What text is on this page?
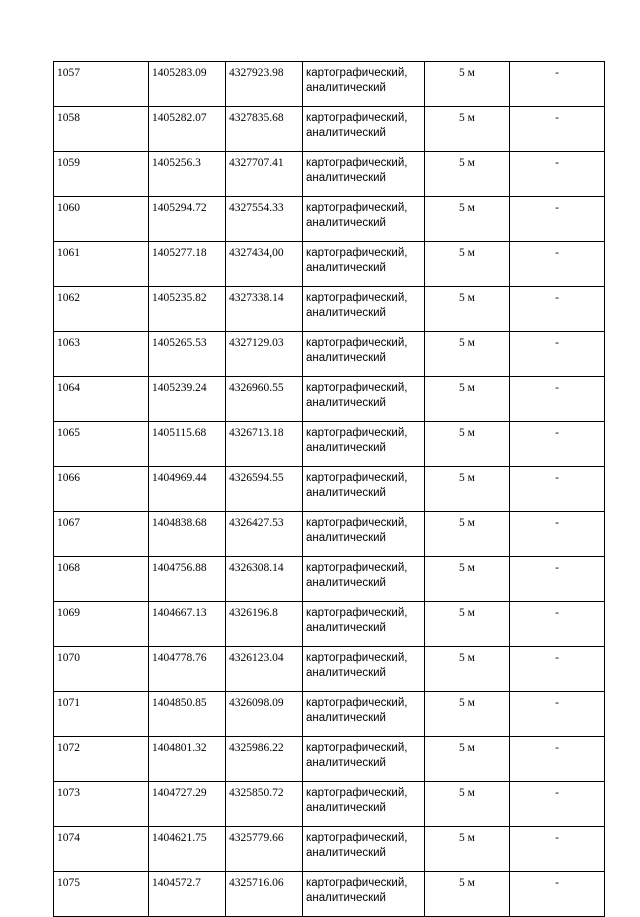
1057	1405283.09	4327923.98	картографический,
аналитический	5 м	-
1058	1405282.07	4327835.68	картографический,
аналитический	5 м	-
1059	1405256.3	4327707.41	картографический,
аналитический	5 м	-
1060	1405294.72	4327554.33	картографический,
аналитический	5 м	-
1061	1405277.18	4327434,00	картографический,
аналитический	5 м	-
1062	1405235.82	4327338.14	картографический,
аналитический	5 м	-
1063	1405265.53	4327129.03	картографический,
аналитический	5 м	-
1064	1405239.24	4326960.55	картографический,
аналитический	5 м	-
1065	1405115.68	4326713.18	картографический,
аналитический	5 м	-
1066	1404969.44	4326594.55	картографический,
аналитический	5 м	-
1067	1404838.68	4326427.53	картографический,
аналитический	5 м	-
1068	1404756.88	4326308.14	картографический,
аналитический	5 м	-
1069	1404667.13	4326196.8	картографический,
аналитический	5 м	-
1070	1404778.76	4326123.04	картографический,
аналитический	5 м	-
1071	1404850.85	4326098.09	картографический,
аналитический	5 м	-
1072	1404801.32	4325986.22	картографический,
аналитический	5 м	-
1073	1404727.29	4325850.72	картографический,
аналитический	5 м	-
1074	1404621.75	4325779.66	картографический,
аналитический	5 м	-
1075	1404572.7	4325716.06	картографический,
аналитический	5 м	-
